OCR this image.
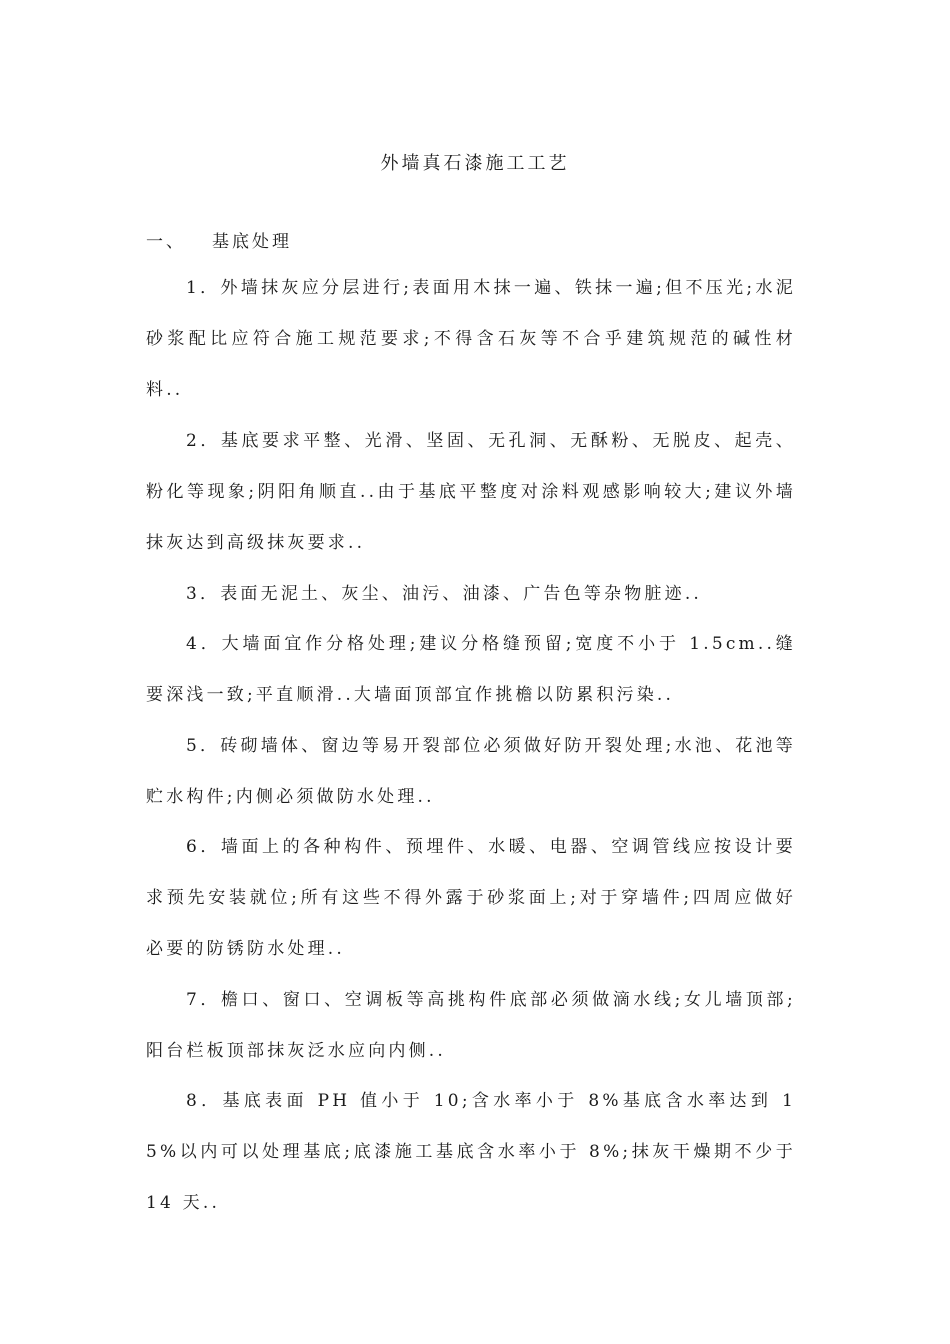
外墙真石漆施工工艺
一、 基底处理

1．外墙抹灰应分层进行;表面用木抹一遍、铁抹一遍;但不压光;水泥砂浆配比应符合施工规范要求;不得含石灰等不合乎建筑规范的碱性材料..

2．基底要求平整、光滑、坚固、无孔洞、无酥粉、无脱皮、起壳、粉化等现象;阴阳角顺直..由于基底平整度对涂料观感影响较大;建议外墙抹灰达到高级抹灰要求..

3．表面无泥土、灰尘、油污、油漆、广告色等杂物脏迹..

4．大墙面宜作分格处理;建议分格缝预留;宽度不小于 1.5cm..缝要深浅一致;平直顺滑..大墙面顶部宜作挑檐以防累积污染..

5．砖砌墙体、窗边等易开裂部位必须做好防开裂处理;水池、花池等贮水构件;内侧必须做防水处理..

6．墙面上的各种构件、预埋件、水暖、电器、空调管线应按设计要求预先安装就位;所有这些不得外露于砂浆面上;对于穿墙件;四周应做好必要的防锈防水处理..

7．檐口、窗口、空调板等高挑构件底部必须做滴水线;女儿墙顶部;阳台栏板顶部抹灰泛水应向内侧..

8．基底表面 PH 值小于 10;含水率小于 8%基底含水率达到 15%以内可以处理基底;底漆施工基底含水率小于 8%;抹灰干燥期不少于 14 天..
